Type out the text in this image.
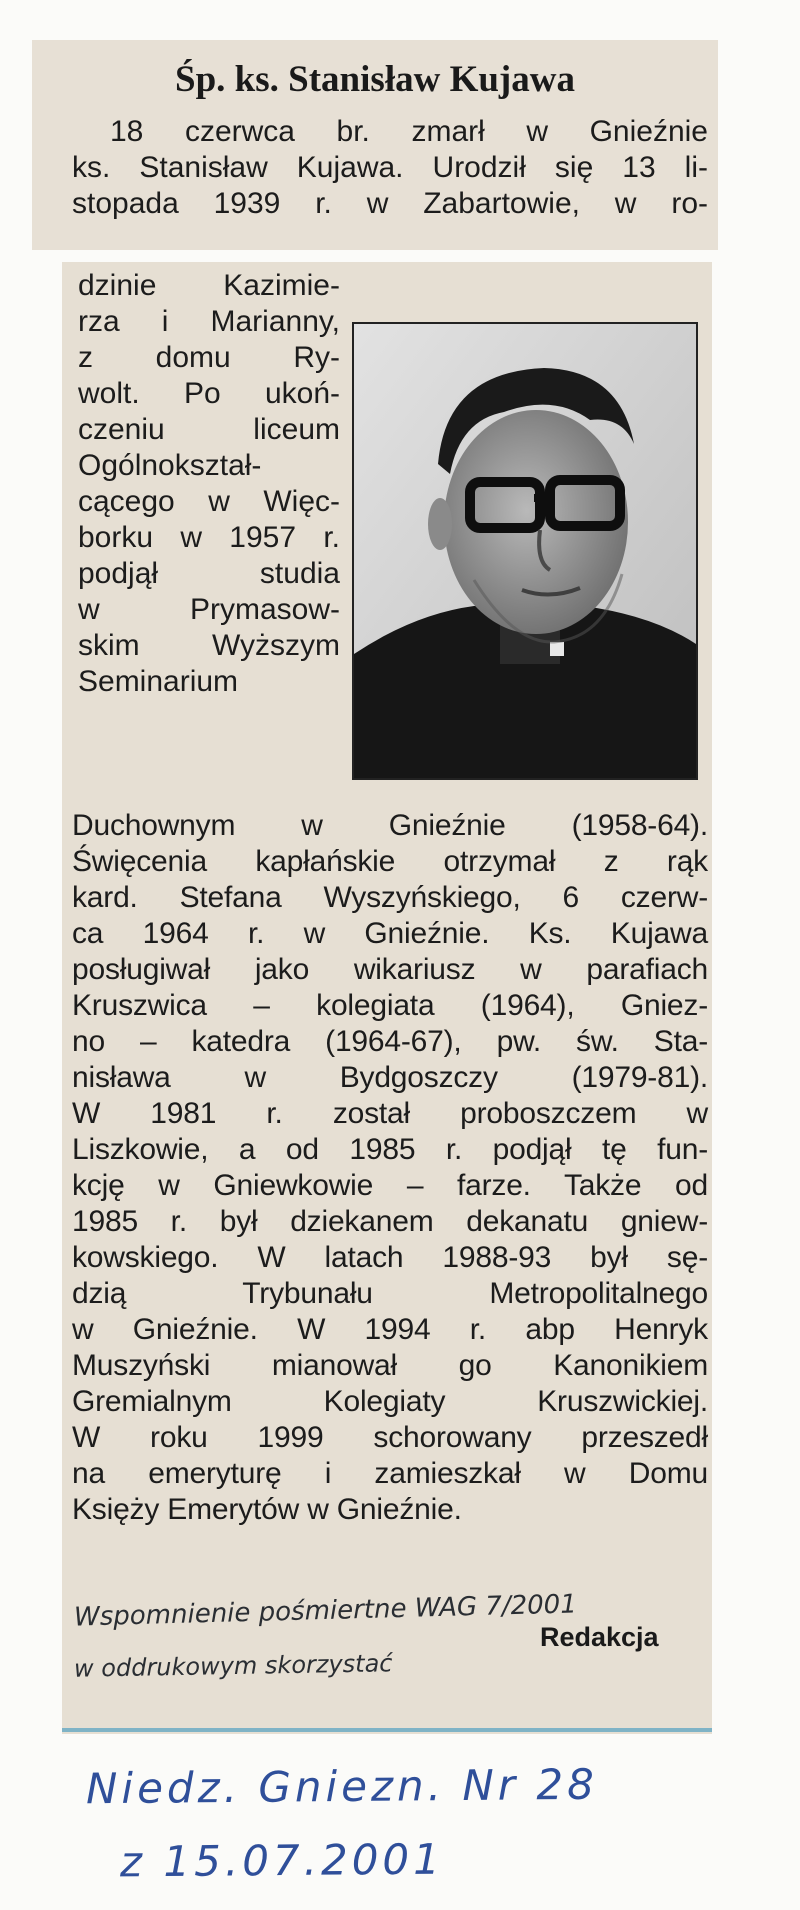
Śp. ks. Stanisław Kujawa
18 czerwca br. zmarł w Gnieźnie
ks. Stanisław Kujawa. Urodził się 13 li-
stopada 1939 r. w Zabartowie, w ro-
dzinie Kazimie-
rza i Marianny,
z domu Ry-
wolt. Po ukoń-
czeniu liceum
Ogólnokształ-
cącego w Więc-
borku w 1957 r.
podjął studia
w Prymasow-
skim Wyższym
Seminarium
Duchownym w Gnieźnie (1958-64).
Święcenia kapłańskie otrzymał z rąk
kard. Stefana Wyszyńskiego, 6 czerw-
ca 1964 r. w Gnieźnie. Ks. Kujawa
posługiwał jako wikariusz w parafiach
Kruszwica – kolegiata (1964), Gniez-
no – katedra (1964-67), pw. św. Sta-
nisława w Bydgoszczy (1979-81).
W 1981 r. został proboszczem w
Liszkowie, a od 1985 r. podjął tę fun-
kcję w Gniewkowie – farze. Także od
1985 r. był dziekanem dekanatu gniew-
kowskiego. W latach 1988-93 był sę-
dzią Trybunału Metropolitalnego
w Gnieźnie. W 1994 r. abp Henryk
Muszyński mianował go Kanonikiem
Gremialnym Kolegiaty Kruszwickiej.
W roku 1999 schorowany przeszedł
na emeryturę i zamieszkał w Domu
Księży Emerytów w Gnieźnie.
Wspomnienie pośmiertne WAG 7/2001
w oddrukowym skorzystać
Redakcja
Niedz. Gniezn. Nr 28
z 15.07.2001
